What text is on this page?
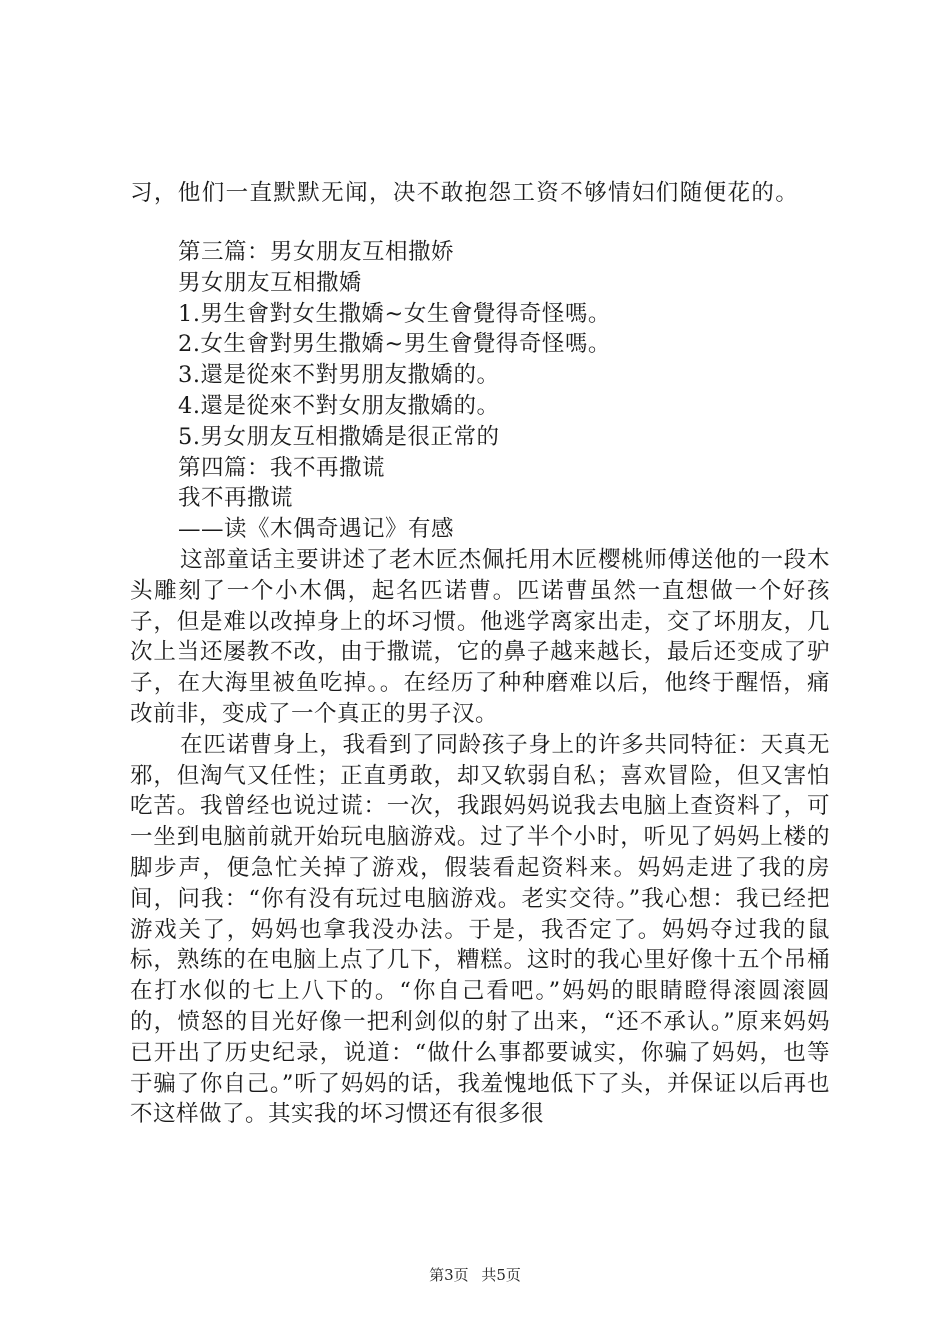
习，他们一直默默无闻，决不敢抱怨工资不够情妇们随便花的。

第三篇：男女朋友互相撒娇

男女朋友互相撒嬌

1.男生會對女生撒嬌~女生會覺得奇怪嗎。

2.女生會對男生撒嬌~男生會覺得奇怪嗎。

3.還是從來不對男朋友撒嬌的。

4.還是從來不對女朋友撒嬌的。

5.男女朋友互相撒嬌是很正常的

第四篇：我不再撒谎

我不再撒谎

——读《木偶奇遇记》有感

这部童话主要讲述了老木匠杰佩托用木匠樱桃师傅送他的一段木头雕刻了一个小木偶，起名匹诺曹。匹诺曹虽然一直想做一个好孩子，但是难以改掉身上的坏习惯。他逃学离家出走，交了坏朋友，几次上当还屡教不改，由于撒谎，它的鼻子越来越长，最后还变成了驴子，在大海里被鱼吃掉。。在经历了种种磨难以后，他终于醒悟，痛改前非，变成了一个真正的男子汉。

在匹诺曹身上，我看到了同龄孩子身上的许多共同特征：天真无邪，但淘气又任性；正直勇敢，却又软弱自私；喜欢冒险，但又害怕吃苦。我曾经也说过谎：一次，我跟妈妈说我去电脑上查资料了，可一坐到电脑前就开始玩电脑游戏。过了半个小时，听见了妈妈上楼的脚步声，便急忙关掉了游戏，假装看起资料来。妈妈走进了我的房间，问我：“你有没有玩过电脑游戏。老实交待。”我心想：我已经把游戏关了，妈妈也拿我没办法。于是，我否定了。妈妈夺过我的鼠标，熟练的在电脑上点了几下，糟糕。这时的我心里好像十五个吊桶在打水似的七上八下的。“你自己看吧。”妈妈的眼睛瞪得滚圆滚圆的，愤怒的目光好像一把利剑似的射了出来，“还不承认。”原来妈妈已开出了历史纪录，说道：“做什么事都要诚实，你骗了妈妈，也等于骗了你自己。”听了妈妈的话，我羞愧地低下了头，并保证以后再也不这样做了。其实我的坏习惯还有很多很

第3页 共5页
